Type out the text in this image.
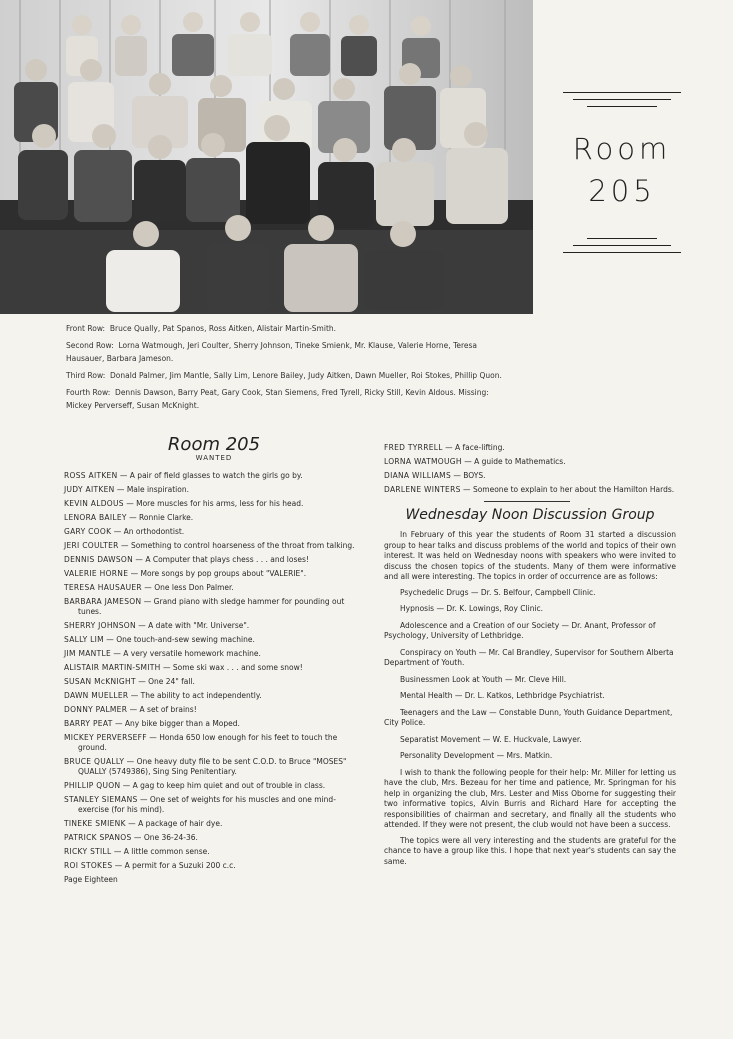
Room
205

Front Row: Bruce Qually, Pat Spanos, Ross Aitken, Alistair Martin-Smith.

Second Row: Lorna Watmough, Jeri Coulter, Sherry Johnson, Tineke Smienk, Mr. Klause, Valerie Horne, Teresa Hausauer, Barbara Jameson.

Third Row: Donald Palmer, Jim Mantle, Sally Lim, Lenore Bailey, Judy Aitken, Dawn Mueller, Roi Stokes, Phillip Quon.

Fourth Row: Dennis Dawson, Barry Peat, Gary Cook, Stan Siemens, Fred Tyrell, Ricky Still, Kevin Aldous. Missing: Mickey Perverseff, Susan McKnight.

Room 205
WANTED

ROSS AITKEN — A pair of field glasses to watch the girls go by.

JUDY AITKEN — Male inspiration.

KEVIN ALDOUS — More muscles for his arms, less for his head.

LENORA BAILEY — Ronnie Clarke.

GARY COOK — An orthodontist.

JERI COULTER — Something to control hoarseness of the throat from talking.

DENNIS DAWSON — A Computer that plays chess . . . and loses!

VALERIE HORNE — More songs by pop groups about "VALERIE".

TERESA HAUSAUER — One less Don Palmer.

BARBARA JAMESON — Grand piano with sledge hammer for pounding out tunes.

SHERRY JOHNSON — A date with "Mr. Universe".

SALLY LIM — One touch-and-sew sewing machine.

JIM MANTLE — A very versatile homework machine.

ALISTAIR MARTIN-SMITH — Some ski wax . . . and some snow!

SUSAN McKNIGHT — One 24" fall.

DAWN MUELLER — The ability to act independently.

DONNY PALMER — A set of brains!

BARRY PEAT — Any bike bigger than a Moped.

MICKEY PERVERSEFF — Honda 650 low enough for his feet to touch the ground.

BRUCE QUALLY — One heavy duty file to be sent C.O.D. to Bruce "MOSES" QUALLY (5749386), Sing Sing Penitentiary.

PHILLIP QUON — A gag to keep him quiet and out of trouble in class.

STANLEY SIEMANS — One set of weights for his muscles and one mind-exercise (for his mind).

TINEKE SMIENK — A package of hair dye.

PATRICK SPANOS — One 36-24-36.

RICKY STILL — A little common sense.

ROI STOKES — A permit for a Suzuki 200 c.c.

Page Eighteen

FRED TYRRELL — A face-lifting.

LORNA WATMOUGH — A guide to Mathematics.

DIANA WILLIAMS — BOYS.

DARLENE WINTERS — Someone to explain to her about the Hamilton Hards.

Wednesday Noon Discussion Group

In February of this year the students of Room 31 started a discussion group to hear talks and discuss problems of the world and topics of their own interest. It was held on Wednesday noons with speakers who were invited to discuss the chosen topics of the students. Many of them were informative and all were interesting. The topics in order of occurrence are as follows:

Psychedelic Drugs — Dr. S. Belfour, Campbell Clinic.

Hypnosis — Dr. K. Lowings, Roy Clinic.

Adolescence and a Creation of our Society — Dr. Anant, Professor of Psychology, University of Lethbridge.

Conspiracy on Youth — Mr. Cal Brandley, Supervisor for Southern Alberta Department of Youth.

Businessmen Look at Youth — Mr. Cleve Hill.

Mental Health — Dr. L. Katkos, Lethbridge Psychiatrist.

Teenagers and the Law — Constable Dunn, Youth Guidance Department, City Police.

Separatist Movement — W. E. Huckvale, Lawyer.

Personality Development — Mrs. Matkin.

I wish to thank the following people for their help: Mr. Miller for letting us have the club, Mrs. Bezeau for her time and patience, Mr. Springman for his help in organizing the club, Mrs. Lester and Miss Oborne for suggesting their two informative topics, Alvin Burris and Richard Hare for accepting the responsibilities of chairman and secretary, and finally all the students who attended. If they were not present, the club would not have been a success.

The topics were all very interesting and the students are grateful for the chance to have a group like this. I hope that next year's students can say the same.
